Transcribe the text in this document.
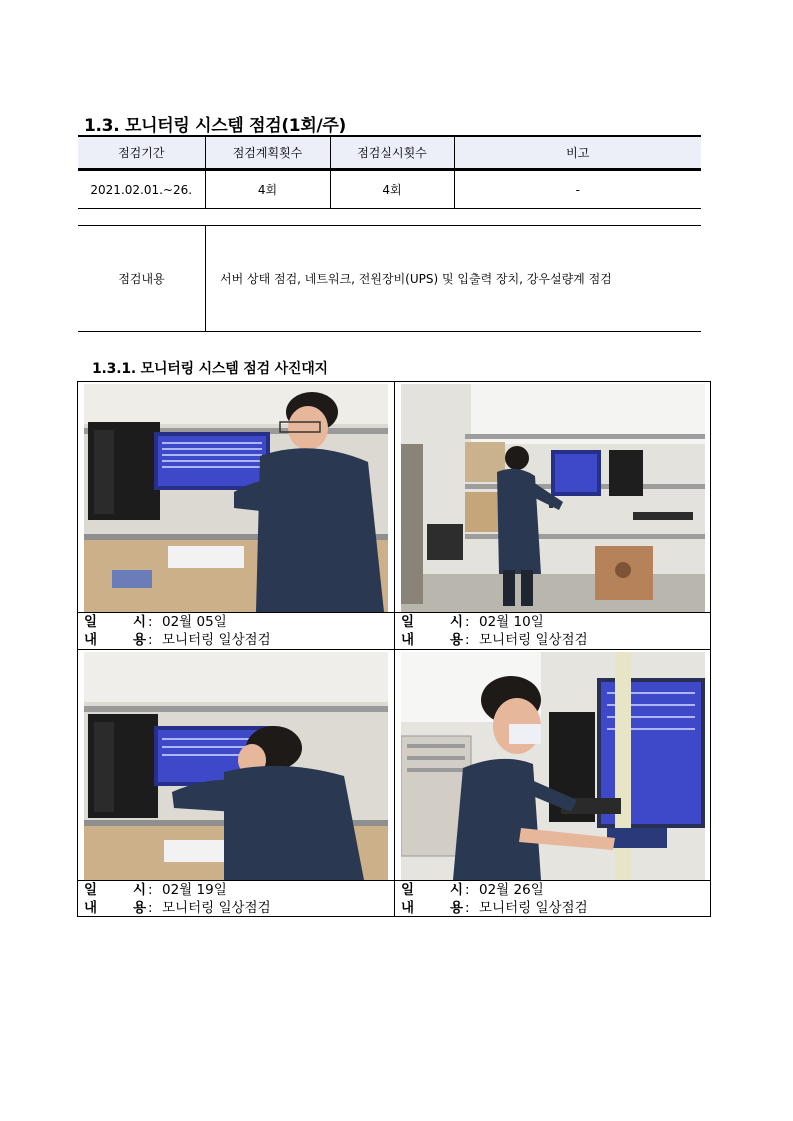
1.3. 모니터링 시스템 점검(1회/주)
점검기간	점검계획횟수	점검실시횟수	비고
2021.02.01.~26.	4회	4회	-
점검내용	서버 상태 점검, 네트워크, 전원장비(UPS) 및 입출력 장치, 강우설량계 점검
1.3.1. 모니터링 시스템 점검 사진대지
일	시 : 02월 05일
내	용 : 모니터링 일상점검
일	시 : 02월 10일
내	용 : 모니터링 일상점검
일	시 : 02월 19일
내	용 : 모니터링 일상점검
일	시 : 02월 26일
내	용 : 모니터링 일상점검
